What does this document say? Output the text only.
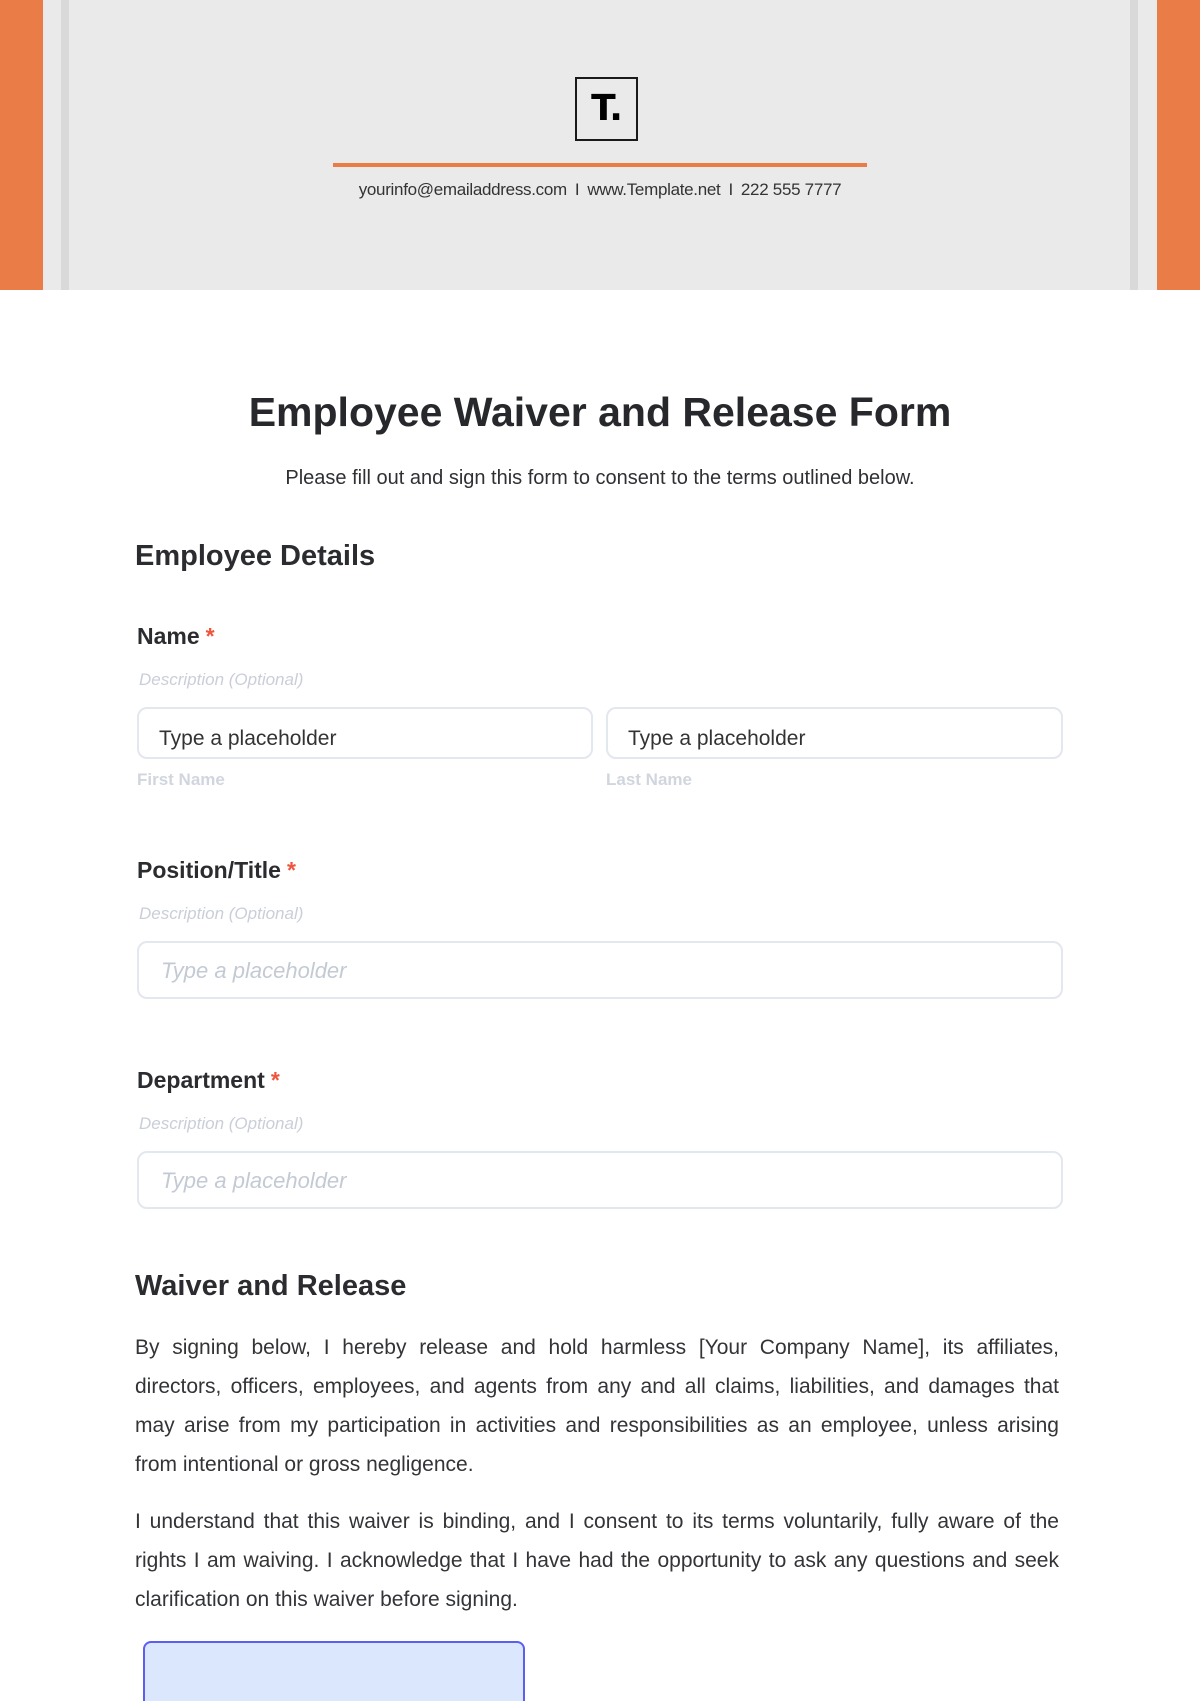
T.
yourinfo@emailaddress.com I www.Template.net I 222 555 7777
Employee Waiver and Release Form

Please fill out and sign this form to consent to the terms outlined below.

Employee Details
Name *
Description (Optional)
Type a placeholder
First Name
Type a placeholder
Last Name
Position/Title *
Description (Optional)
Type a placeholder
Department *
Description (Optional)
Type a placeholder
Waiver and Release

By signing below, I hereby release and hold harmless [Your Company Name], its affiliates, directors, officers, employees, and agents from any and all claims, liabilities, and damages that may arise from my participation in activities and responsibilities as an employee, unless arising from intentional or gross negligence.

I understand that this waiver is binding, and I consent to its terms voluntarily, fully aware of the rights I am waiving. I acknowledge that I have had the opportunity to ask any questions and seek clarification on this waiver before signing.
